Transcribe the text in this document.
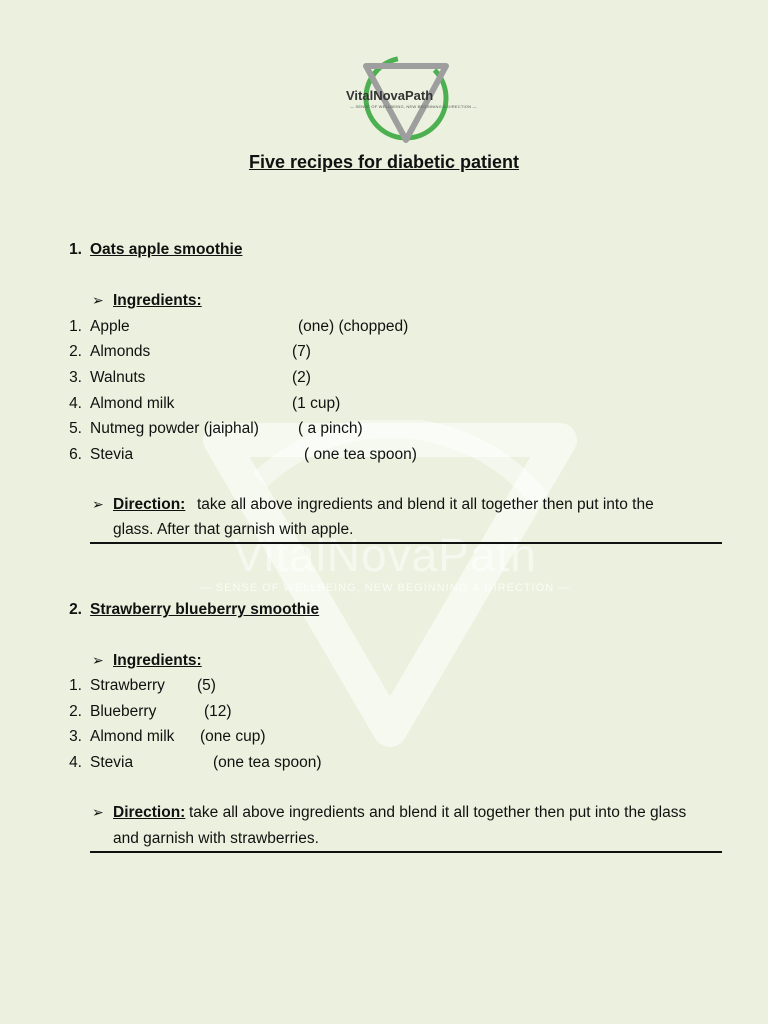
VitalNovaPath
— SENSE OF WELLBEING, NEW BEGINNING & DIRECTION —
VitalNovaPath
— SENSE OF WELLBEING, NEW BEGINNING & DIRECTION —
Five recipes for diabetic patient
1. Oats apple smoothie
➢ Ingredients:
1. Apple	(one) (chopped)
2. Almonds	(7)
3. Walnuts	(2)
4. Almond milk	(1 cup)
5. Nutmeg powder (jaiphal)	( a pinch)
6. Stevia	( one tea spoon)
➢ Direction: take all above ingredients and blend it all together then put into the
glass. After that garnish with apple.
2. Strawberry blueberry smoothie
➢ Ingredients:
1. Strawberry (5)
2. Blueberry	(12)
3. Almond milk (one cup)
4. Stevia	(one tea spoon)
➢ Direction: take all above ingredients and blend it all together then put into the glass
and garnish with strawberries.
